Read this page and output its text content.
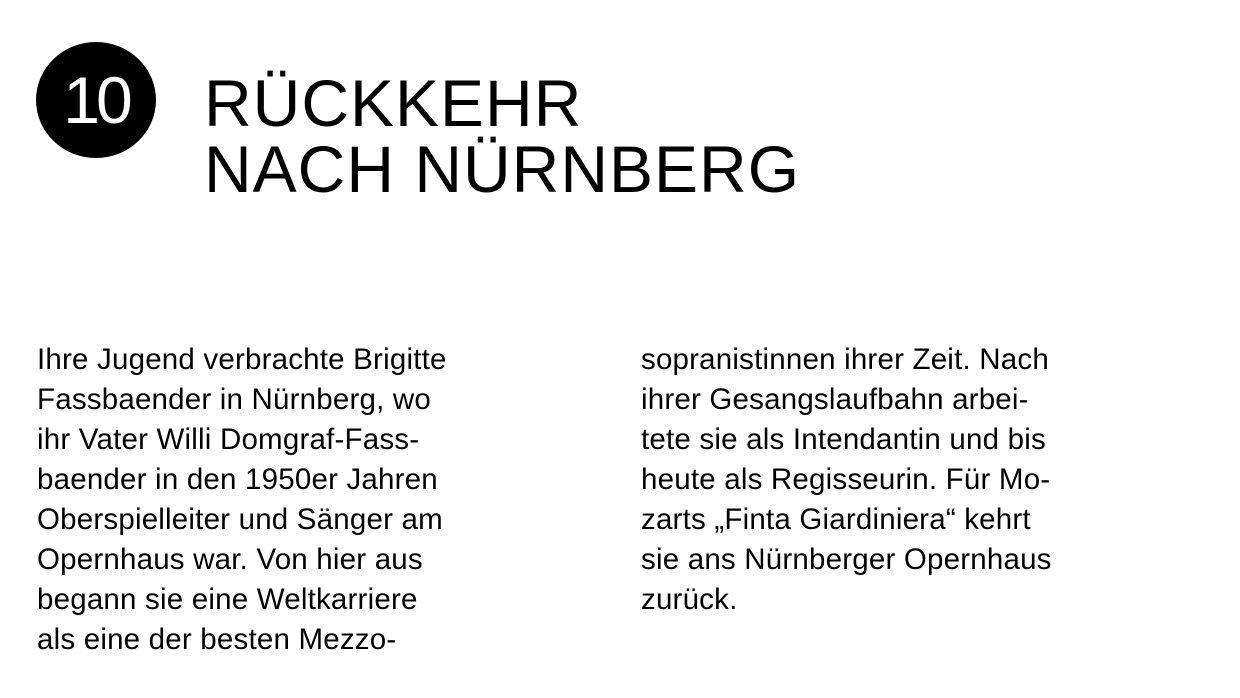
10 RÜCKKEHR
NACH NÜRNBERG
Ihre Jugend verbrachte Brigitte
Fassbaender in Nürnberg, wo
ihr Vater Willi Domgraf-Fass-
baender in den 1950er Jahren
Oberspielleiter und Sänger am
Opernhaus war. Von hier aus
begann sie eine Weltkarriere
als eine der besten Mezzo-
sopranistinnen ihrer Zeit. Nach
ihrer Gesangslaufbahn arbei-
tete sie als Intendantin und bis
heute als Regisseurin. Für Mo-
zarts „Finta Giardiniera“ kehrt
sie ans Nürnberger Opernhaus
zurück.
